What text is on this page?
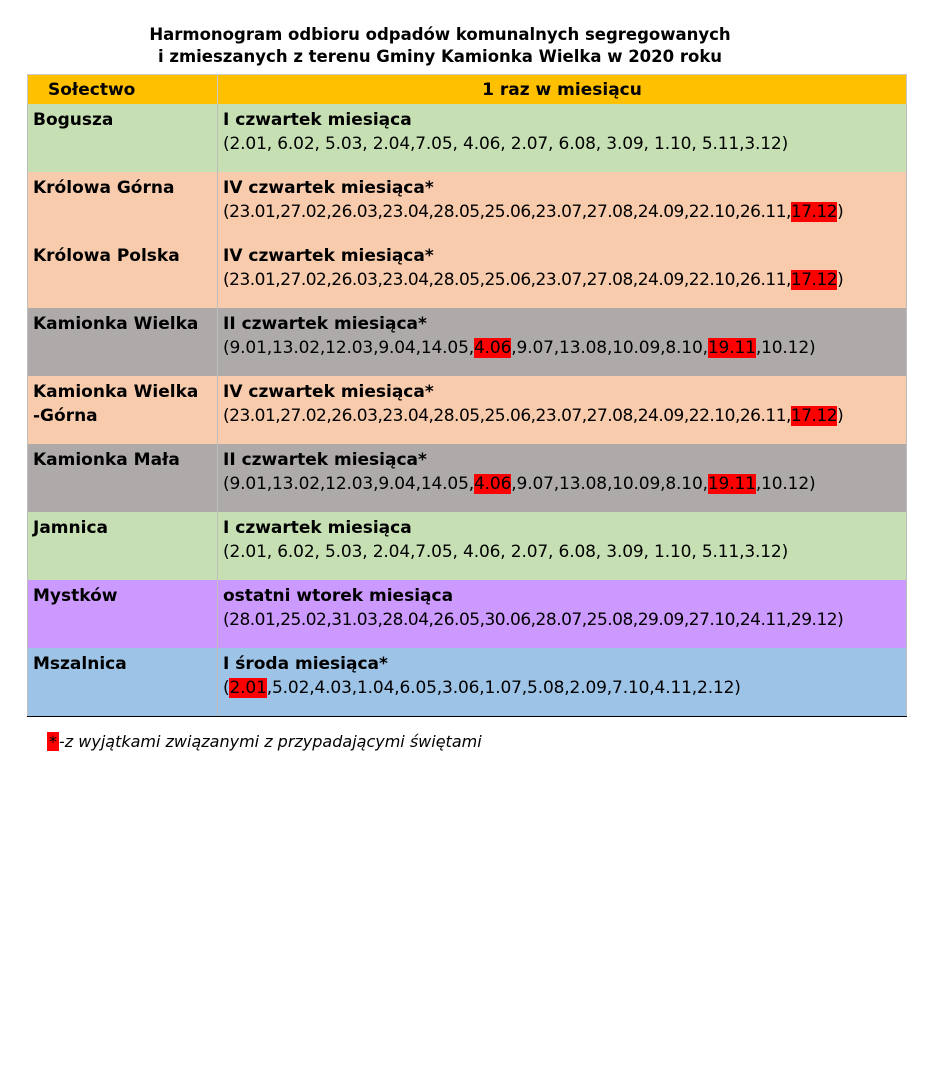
Harmonogram odbioru odpadów komunalnych segregowanych
i zmieszanych z terenu Gminy Kamionka Wielka w 2020 roku
Sołectwo	1 raz w miesiącu
Bogusza	I czwartek miesiąca
(2.01, 6.02, 5.03, 2.04,7.05, 4.06, 2.07, 6.08, 3.09, 1.10, 5.11,3.12)

Królowa Górna	IV czwartek miesiąca*
(23.01,27.02,26.03,23.04,28.05,25.06,23.07,27.08,24.09,22.10,26.11,17.12)

Królowa Polska	IV czwartek miesiąca*
(23.01,27.02,26.03,23.04,28.05,25.06,23.07,27.08,24.09,22.10,26.11,17.12)

Kamionka Wielka	II czwartek miesiąca*
(9.01,13.02,12.03,9.04,14.05,4.06,9.07,13.08,10.09,8.10,19.11,10.12)

Kamionka Wielka
-Górna	IV czwartek miesiąca*
(23.01,27.02,26.03,23.04,28.05,25.06,23.07,27.08,24.09,22.10,26.11,17.12)

Kamionka Mała	II czwartek miesiąca*
(9.01,13.02,12.03,9.04,14.05,4.06,9.07,13.08,10.09,8.10,19.11,10.12)

Jamnica	I czwartek miesiąca
(2.01, 6.02, 5.03, 2.04,7.05, 4.06, 2.07, 6.08, 3.09, 1.10, 5.11,3.12)

Mystków	ostatni wtorek miesiąca
(28.01,25.02,31.03,28.04,26.05,30.06,28.07,25.08,29.09,27.10,24.11,29.12)

Mszalnica	I środa miesiąca*
(2.01,5.02,4.03,1.04,6.05,3.06,1.07,5.08,2.09,7.10,4.11,2.12)
* -z wyjątkami związanymi z przypadającymi świętami
